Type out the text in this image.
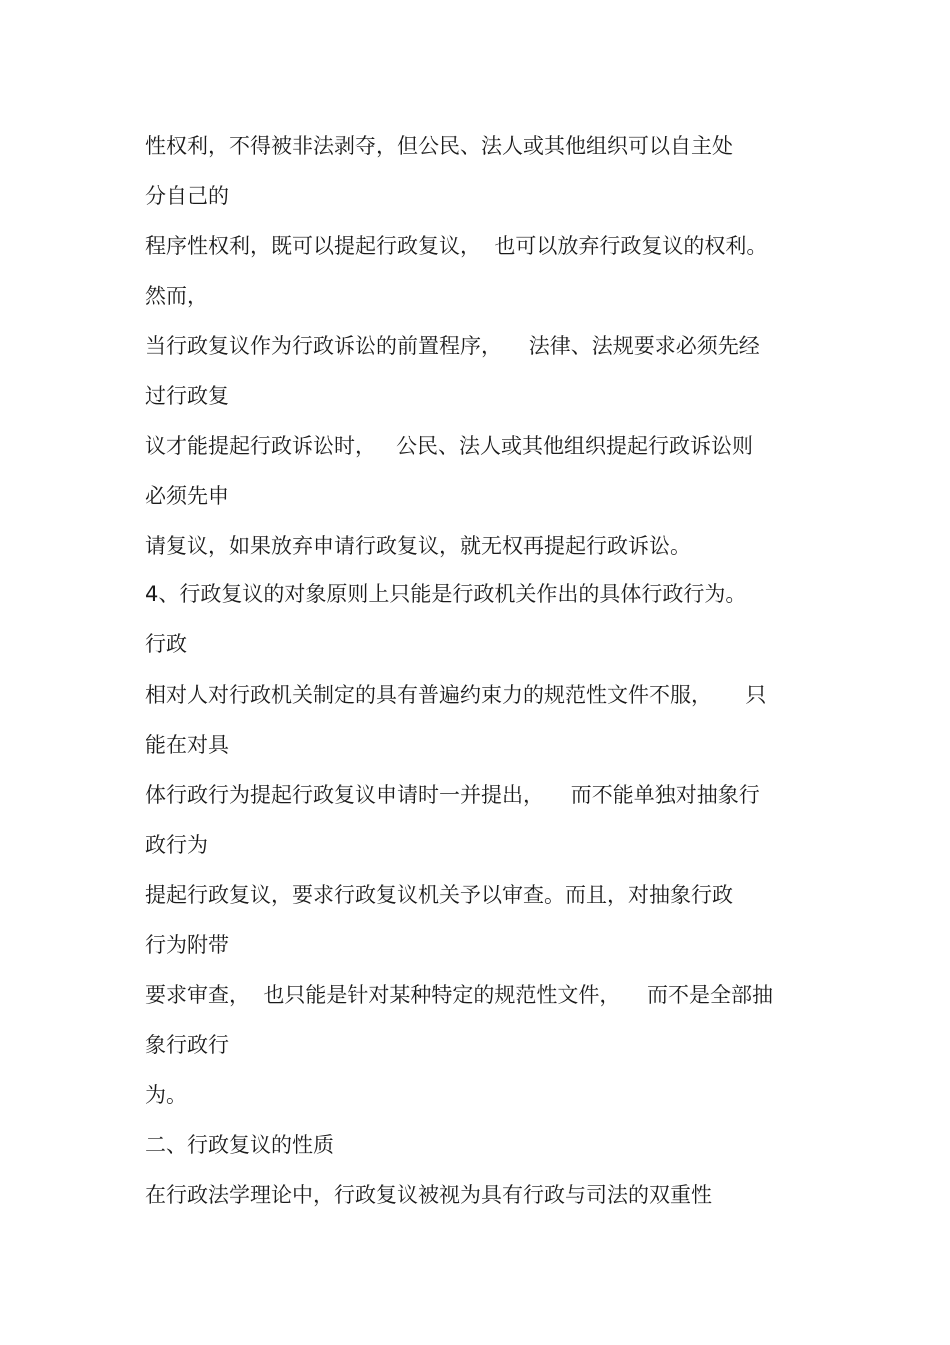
性权利，不得被非法剥夺，但公民、法人或其他组织可以自主处

分自己的

程序性权利，既可以提起行政复议，  也可以放弃行政复议的权利。

然而，

当行政复议作为行政诉讼的前置程序，    法律、法规要求必须先经

过行政复

议才能提起行政诉讼时，   公民、法人或其他组织提起行政诉讼则

必须先申

请复议，如果放弃申请行政复议，就无权再提起行政诉讼。

4、行政复议的对象原则上只能是行政机关作出的具体行政行为。

行政

相对人对行政机关制定的具有普遍约束力的规范性文件不服，     只

能在对具

体行政行为提起行政复议申请时一并提出，    而不能单独对抽象行

政行为

提起行政复议，要求行政复议机关予以审查。而且，对抽象行政

行为附带

要求审查，  也只能是针对某种特定的规范性文件，    而不是全部抽

象行政行

为。

二、行政复议的性质

在行政法学理论中，行政复议被视为具有行政与司法的双重性
